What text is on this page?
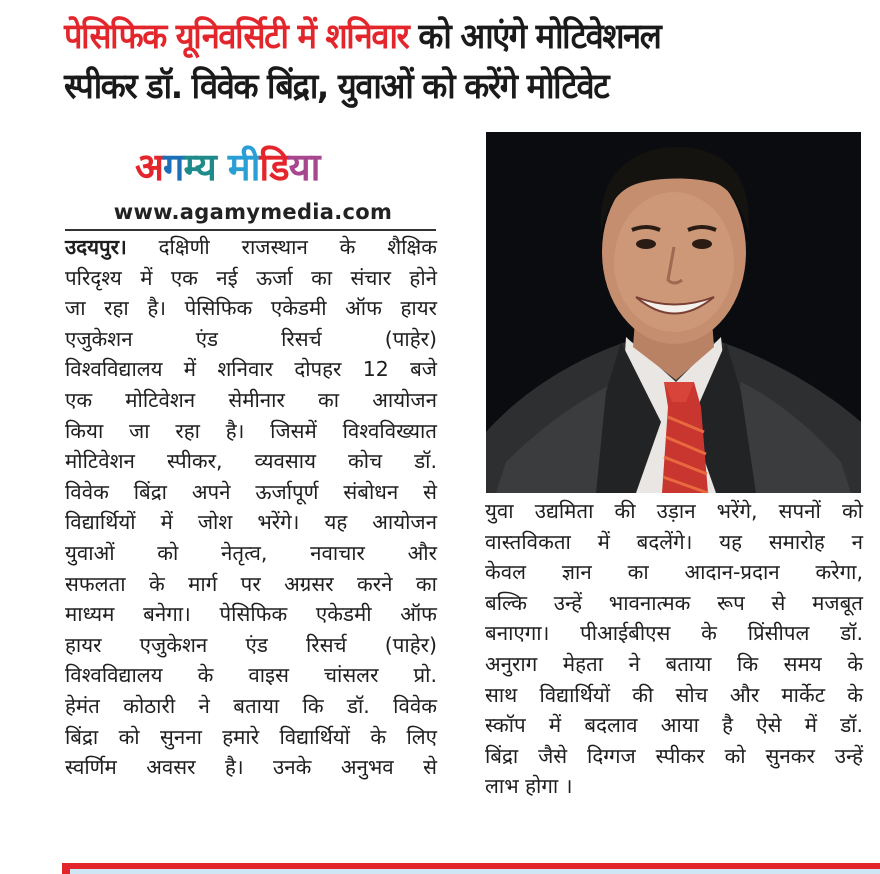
पेसिफिक यूनिवर्सिटी में शनिवार को आएंगे मोटिवेशनल
स्पीकर डॉ. विवेक बिंद्रा, युवाओं को करेंगे मोटिवेट
अगम्य मीडिया
www.agamymedia.com
उदयपुर। दक्षिणी राजस्थान के शैक्षिक
परिदृश्य में एक नई ऊर्जा का संचार होने
जा रहा है। पेसिफिक एकेडमी ऑफ हायर
एजुकेशन एंड रिसर्च (पाहेर)
विश्वविद्यालय में शनिवार दोपहर 12 बजे
एक मोटिवेशन सेमीनार का आयोजन
किया जा रहा है। जिसमें विश्वविख्यात
मोटिवेशन स्पीकर, व्यवसाय कोच डॉ.
विवेक बिंद्रा अपने ऊर्जापूर्ण संबोधन से
विद्यार्थियों में जोश भरेंगे। यह आयोजन
युवाओं को नेतृत्व, नवाचार और
सफलता के मार्ग पर अग्रसर करने का
माध्यम बनेगा। पेसिफिक एकेडमी ऑफ
हायर एजुकेशन एंड रिसर्च (पाहेर)
विश्वविद्यालय के वाइस चांसलर प्रो.
हेमंत कोठारी ने बताया कि डॉ. विवेक
बिंद्रा को सुनना हमारे विद्यार्थियों के लिए
स्वर्णिम अवसर है। उनके अनुभव से
युवा उद्यमिता की उड़ान भरेंगे, सपनों को
वास्तविकता में बदलेंगे। यह समारोह न
केवल ज्ञान का आदान-प्रदान करेगा,
बल्कि उन्हें भावनात्मक रूप से मजबूत
बनाएगा। पीआईबीएस के प्रिंसीपल डॉ.
अनुराग मेहता ने बताया कि समय के
साथ विद्यार्थियों की सोच और मार्केट के
स्कॉप में बदलाव आया है ऐसे में डॉ.
बिंद्रा जैसे दिग्गज स्पीकर को सुनकर उन्हें
लाभ होगा ।
